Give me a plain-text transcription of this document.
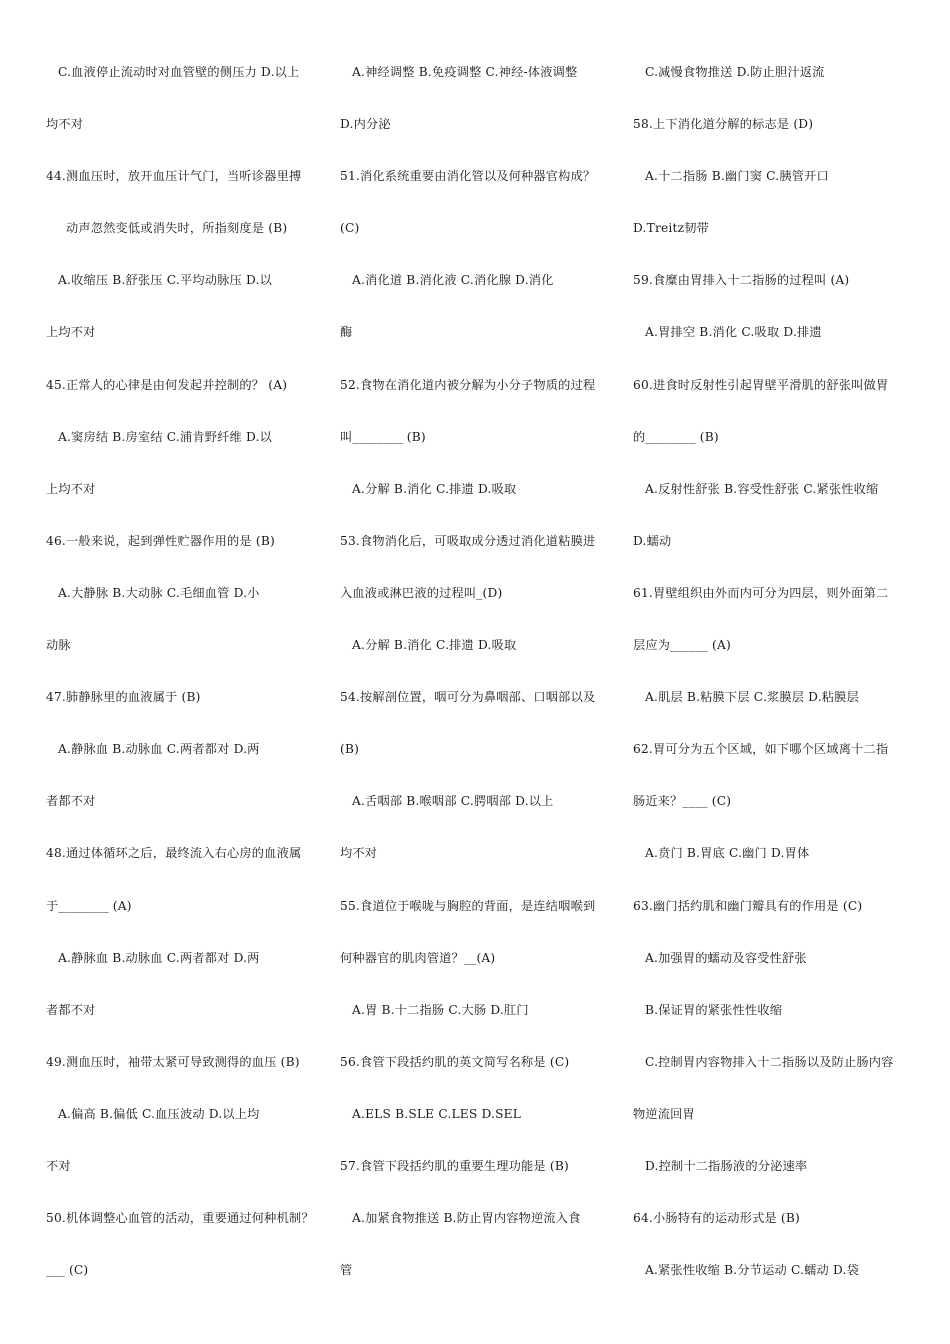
C.血液停止流动时对血管壁的侧压力 D.以上
均不对
44.测血压时，放开血压计气门，当听诊器里搏
动声忽然变低或消失时，所指刻度是 (B)
A.收缩压 B.舒张压 C.平均动脉压 D.以
上均不对
45.正常人的心律是由何发起并控制的？ (A)
A.窦房结 B.房室结 C.浦肯野纤维 D.以
上均不对
46.一般来说，起到弹性贮器作用的是 (B)
A.大静脉 B.大动脉 C.毛细血管 D.小
动脉
47.肺静脉里的血液属于 (B)
A.静脉血 B.动脉血 C.两者都对 D.两
者都不对
48.通过体循环之后，最终流入右心房的血液属
于________ (A)
A.静脉血 B.动脉血 C.两者都对 D.两
者都不对
49.测血压时，袖带太紧可导致测得的血压 (B)
A.偏高 B.偏低 C.血压波动 D.以上均
不对
50.机体调整心血管的活动，重要通过何种机制？
___ (C)
A.神经调整 B.免疫调整 C.神经-体液调整
D.内分泌
51.消化系统重要由消化管以及何种器官构成？
(C)
A.消化道 B.消化液 C.消化腺 D.消化
酶
52.食物在消化道内被分解为小分子物质的过程
叫________ (B)
A.分解 B.消化 C.排遗 D.吸取
53.食物消化后，可吸取成分透过消化道粘膜进
入血液或淋巴液的过程叫_(D)
A.分解 B.消化 C.排遗 D.吸取
54.按解剖位置，咽可分为鼻咽部、口咽部以及
(B)
A.舌咽部 B.喉咽部 C.腭咽部 D.以上
均不对
55.食道位于喉咙与胸腔的背面，是连结咽喉到
何种器官的肌肉管道？__(A)
A.胃 B.十二指肠 C.大肠 D.肛门
56.食管下段括约肌的英文简写名称是 (C)
A.ELS B.SLE C.LES D.SEL
57.食管下段括约肌的重要生理功能是 (B)
A.加紧食物推送 B.防止胃内容物逆流入食
管
C.减慢食物推送 D.防止胆汁返流
58.上下消化道分解的标志是 (D)
A.十二指肠 B.幽门窦 C.胰管开口
D.Treitz韧带
59.食糜由胃排入十二指肠的过程叫 (A)
A.胃排空 B.消化 C.吸取 D.排遗
60.进食时反射性引起胃壁平滑肌的舒张叫做胃
的________ (B)
A.反射性舒张 B.容受性舒张 C.紧张性收缩
D.蠕动
61.胃壁组织由外而内可分为四层，则外面第二
层应为______ (A)
A.肌层 B.粘膜下层 C.浆膜层 D.粘膜层
62.胃可分为五个区域，如下哪个区域离十二指
肠近来？____ (C)
A.贲门 B.胃底 C.幽门 D.胃体
63.幽门括约肌和幽门瓣具有的作用是 (C)
A.加强胃的蠕动及容受性舒张
B.保证胃的紧张性性收缩
C.控制胃内容物排入十二指肠以及防止肠内容
物逆流回胃
D.控制十二指肠液的分泌速率
64.小肠特有的运动形式是 (B)
A.紧张性收缩 B.分节运动 C.蠕动 D.袋
